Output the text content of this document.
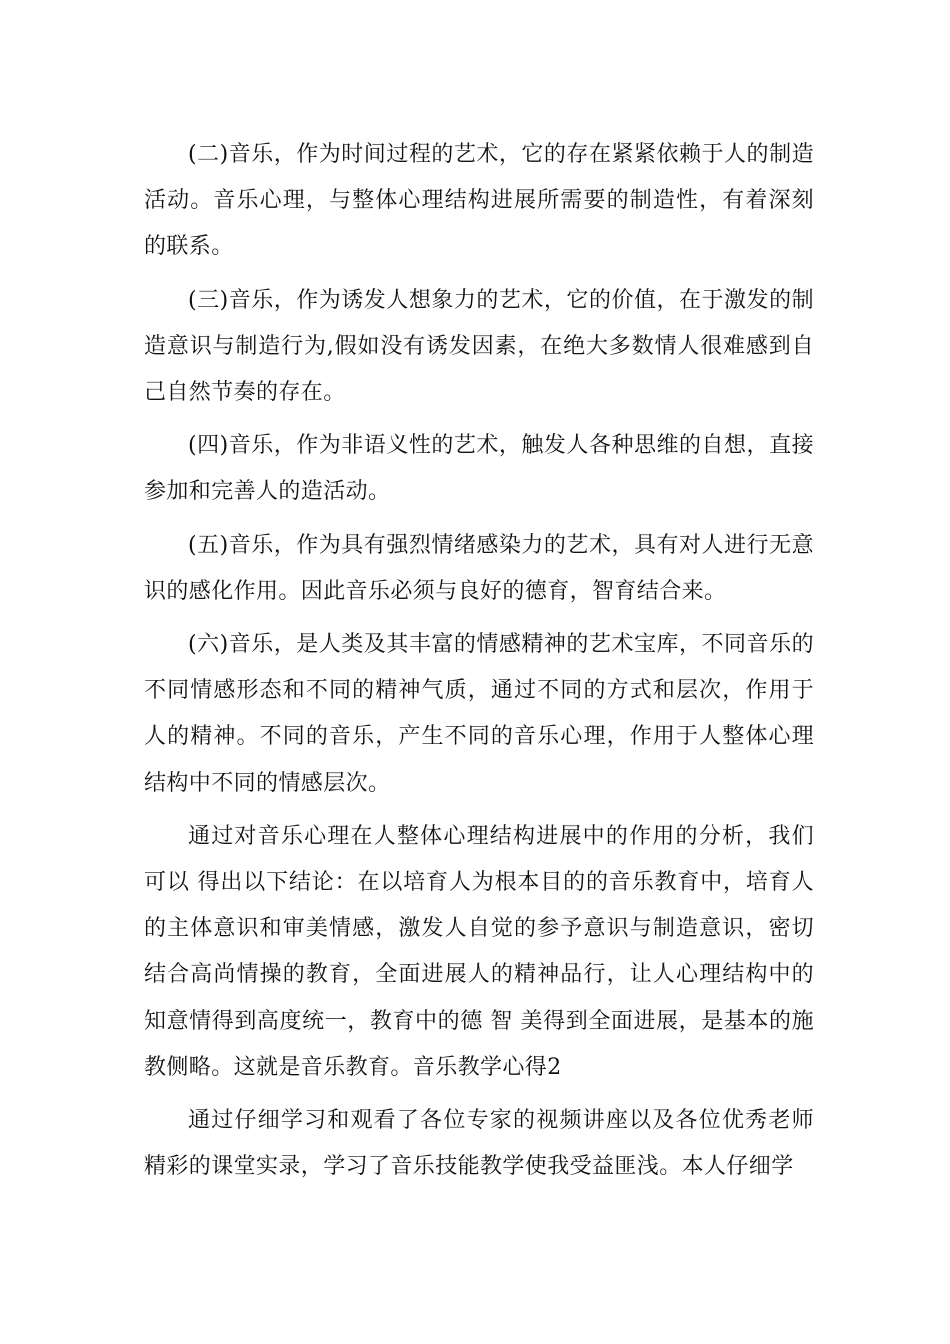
(二)音乐，作为时间过程的艺术，它的存在紧紧依赖于人的制造活动。音乐心理，与整体心理结构进展所需要的制造性，有着深刻的联系。

(三)音乐，作为诱发人想象力的艺术，它的价值，在于激发的制造意识与制造行为,假如没有诱发因素，在绝大多数情人很难感到自己自然节奏的存在。

(四)音乐，作为非语义性的艺术，触发人各种思维的自想，直接参加和完善人的造活动。

(五)音乐，作为具有强烈情绪感染力的艺术，具有对人进行无意识的感化作用。因此音乐必须与良好的德育，智育结合来。

(六)音乐，是人类及其丰富的情感精神的艺术宝库，不同音乐的不同情感形态和不同的精神气质，通过不同的方式和层次，作用于人的精神。不同的音乐，产生不同的音乐心理，作用于人整体心理结构中不同的情感层次。

通过对音乐心理在人整体心理结构进展中的作用的分析，我们可以 得出以下结论：在以培育人为根本目的的音乐教育中，培育人的主体意识和审美情感，激发人自觉的参予意识与制造意识，密切结合高尚情操的教育，全面进展人的精神品行，让人心理结构中的知意情得到高度统一，教育中的德 智 美得到全面进展，是基本的施教侧略。这就是音乐教育。音乐教学心得2

通过仔细学习和观看了各位专家的视频讲座以及各位优秀老师精彩的课堂实录，学习了音乐技能教学使我受益匪浅。本人仔细学
